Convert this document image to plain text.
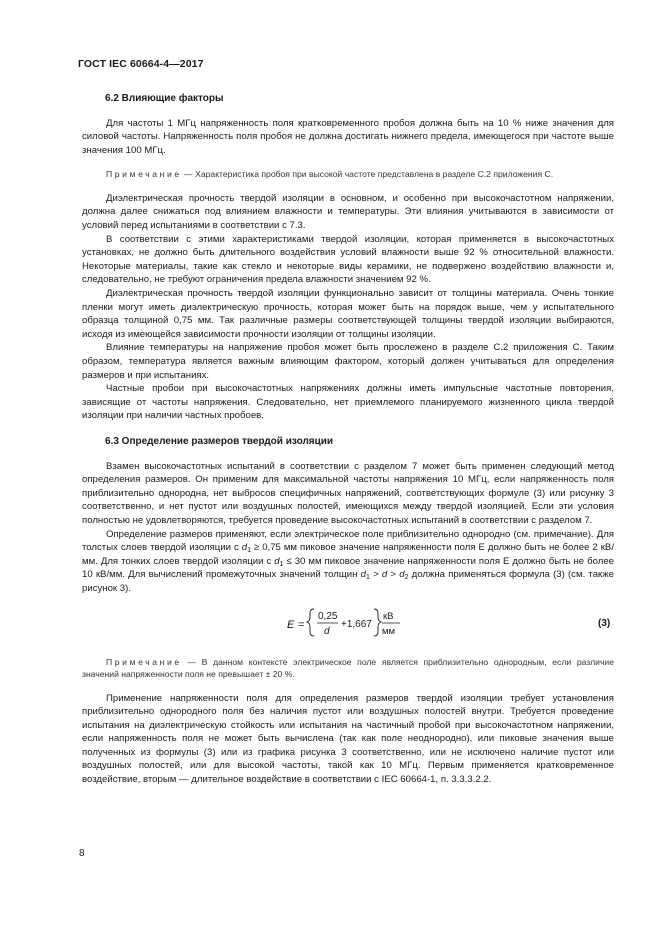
ГОСТ IEC 60664-4—2017
6.2 Влияющие факторы

Для частоты 1 МГц напряженность поля кратковременного пробоя должна быть на 10 % ниже значения для силовой частоты. Напряженность поля пробоя не должна достигать нижнего предела, имеющегося при частоте выше значения 100 МГц.

Примечание — Характеристика пробоя при высокой частоте представлена в разделе С.2 приложения С.

Диэлектрическая прочность твердой изоляции в основном, и особенно при высокочастотном напряжении, должна далее снижаться под влиянием влажности и температуры. Эти влияния учитываются в зависимости от условий перед испытаниями в соответствии с 7.3.

В соответствии с этими характеристиками твердой изоляции, которая применяется в высокочастотных установках, не должно быть длительного воздействия условий влажности выше 92 % относительной влажности. Некоторые материалы, такие как стекло и некоторые виды керамики, не подвержено воздействию влажности и, следовательно, не требуют ограничения предела влажности значением 92 %.

Диэлектрическая прочность твердой изоляции функционально зависит от толщины материала. Очень тонкие пленки могут иметь диэлектрическую прочность, которая может быть на порядок выше, чем у испытательного образца толщиной 0,75 мм. Так различные размеры соответствующей толщины твердой изоляции выбираются, исходя из имеющейся зависимости прочности изоляции от толщины изоляции.

Влияние температуры на напряжение пробоя может быть прослежено в разделе С.2 приложения С. Таким образом, температура является важным влияющим фактором, который должен учитываться для определения размеров и при испытаниях.

Частные пробои при высокочастотных напряжениях должны иметь импульсные частотные повторения, зависящие от частоты напряжения. Следовательно, нет приемлемого планируемого жизненного цикла твердой изоляции при наличии частных пробоев.

6.3 Определение размеров твердой изоляции

Взамен высокочастотных испытаний в соответствии с разделом 7 может быть применен следующий метод определения размеров. Он применим для максимальной частоты напряжения 10 МГц, если напряженность поля приблизительно однородна, нет выбросов специфичных напряжений, соответствующих формуле (3) или рисунку 3 соответственно, и нет пустот или воздушных полостей, имеющихся между твердой изоляцией. Если эти условия полностью не удовлетворяются, требуется проведение высокочастотных испытаний в соответствии с разделом 7.

Определение размеров применяют, если электрическое поле приблизительно однородно (см. примечание). Для толстых слоев твердой изоляции с $d_1 \ge 0,75$ мм пиковое значение напряженности поля Е должно быть не более 2 кВ/мм. Для тонких слоев твердой изоляции с $d_1 \le 30$ мм пиковое значение напряженности поля Е должно быть не более 10 кВ/мм. Для вычислений промежуточных значений толщин $d_1 > d > d_2$ должна применяться формула (3) (см. также рисунок 3).

E =
0,25
d
+1,667
кВ
мм
(3)

Примечание — В данном контексте электрическое поле является приблизительно однородным, если различие значений напряженности поля не превышает ± 20 %.

Применение напряженности поля для определения размеров твердой изоляции требует установления приблизительно однородного поля без наличия пустот или воздушных полостей внутри. Требуется проведение испытания на диэлектрическую стойкость или испытания на частичный пробой при высокочастотном напряжении, если напряженность поля не может быть вычислена (так как поле неоднородно), или пиковые значения выше полученных из формулы (3) или из графика рисунка 3 соответственно, или не исключено наличие пустот или воздушных полостей, или для высокой частоты, такой как 10 МГц. Первым применяется кратковременное воздействие, вторым — длительное воздействие в соответствии с IEC 60664-1, п. 3.3.3.2.2.

8
